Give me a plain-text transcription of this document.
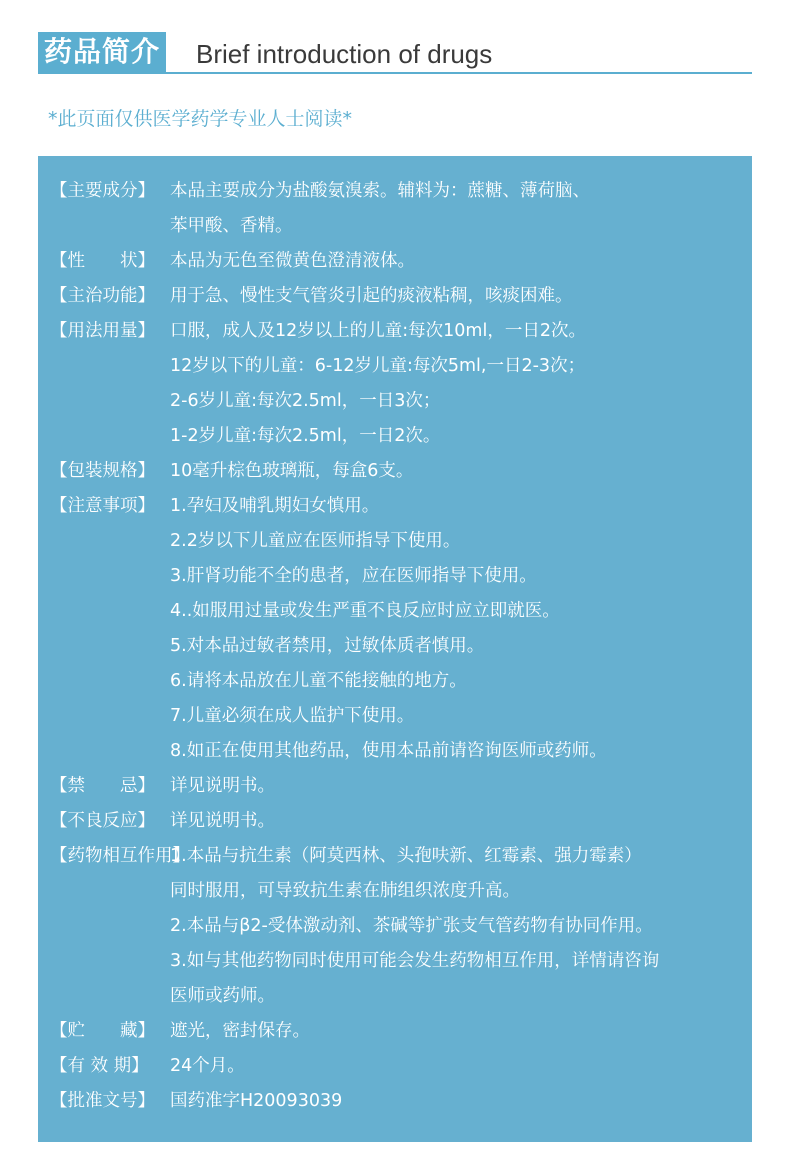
药品简介 Brief introduction of drugs
*此页面仅供医学药学专业人士阅读*
【主要成分】 本品主要成分为盐酸氨溴索。辅料为：蔗糖、薄荷脑、
苯甲酸、香精。
【性　　状】 本品为无色至微黄色澄清液体。
【主治功能】 用于急、慢性支气管炎引起的痰液粘稠，咳痰困难。
【用法用量】 口服，成人及12岁以上的儿童:每次10ml，一日2次。
12岁以下的儿童：6-12岁儿童:每次5ml,一日2-3次；
2-6岁儿童:每次2.5ml，一日3次；
1-2岁儿童:每次2.5ml，一日2次。
【包装规格】 10毫升棕色玻璃瓶，每盒6支。
【注意事项】 1.孕妇及哺乳期妇女慎用。
2.2岁以下儿童应在医师指导下使用。
3.肝肾功能不全的患者，应在医师指导下使用。
4..如服用过量或发生严重不良反应时应立即就医。
5.对本品过敏者禁用，过敏体质者慎用。
6.请将本品放在儿童不能接触的地方。
7.儿童必须在成人监护下使用。
8.如正在使用其他药品，使用本品前请咨询医师或药师。
【禁　　忌】 详见说明书。
【不良反应】 详见说明书。
【药物相互作用】
1.本品与抗生素（阿莫西林、头孢呋新、红霉素、强力霉素）
同时服用，可导致抗生素在肺组织浓度升高。
2.本品与β2-受体激动剂、茶碱等扩张支气管药物有协同作用。
3.如与其他药物同时使用可能会发生药物相互作用，详情请咨询
医师或药师。
【贮　　藏】 遮光，密封保存。
【有 效 期】	24个月。
【批准文号】 国药准字H20093039
